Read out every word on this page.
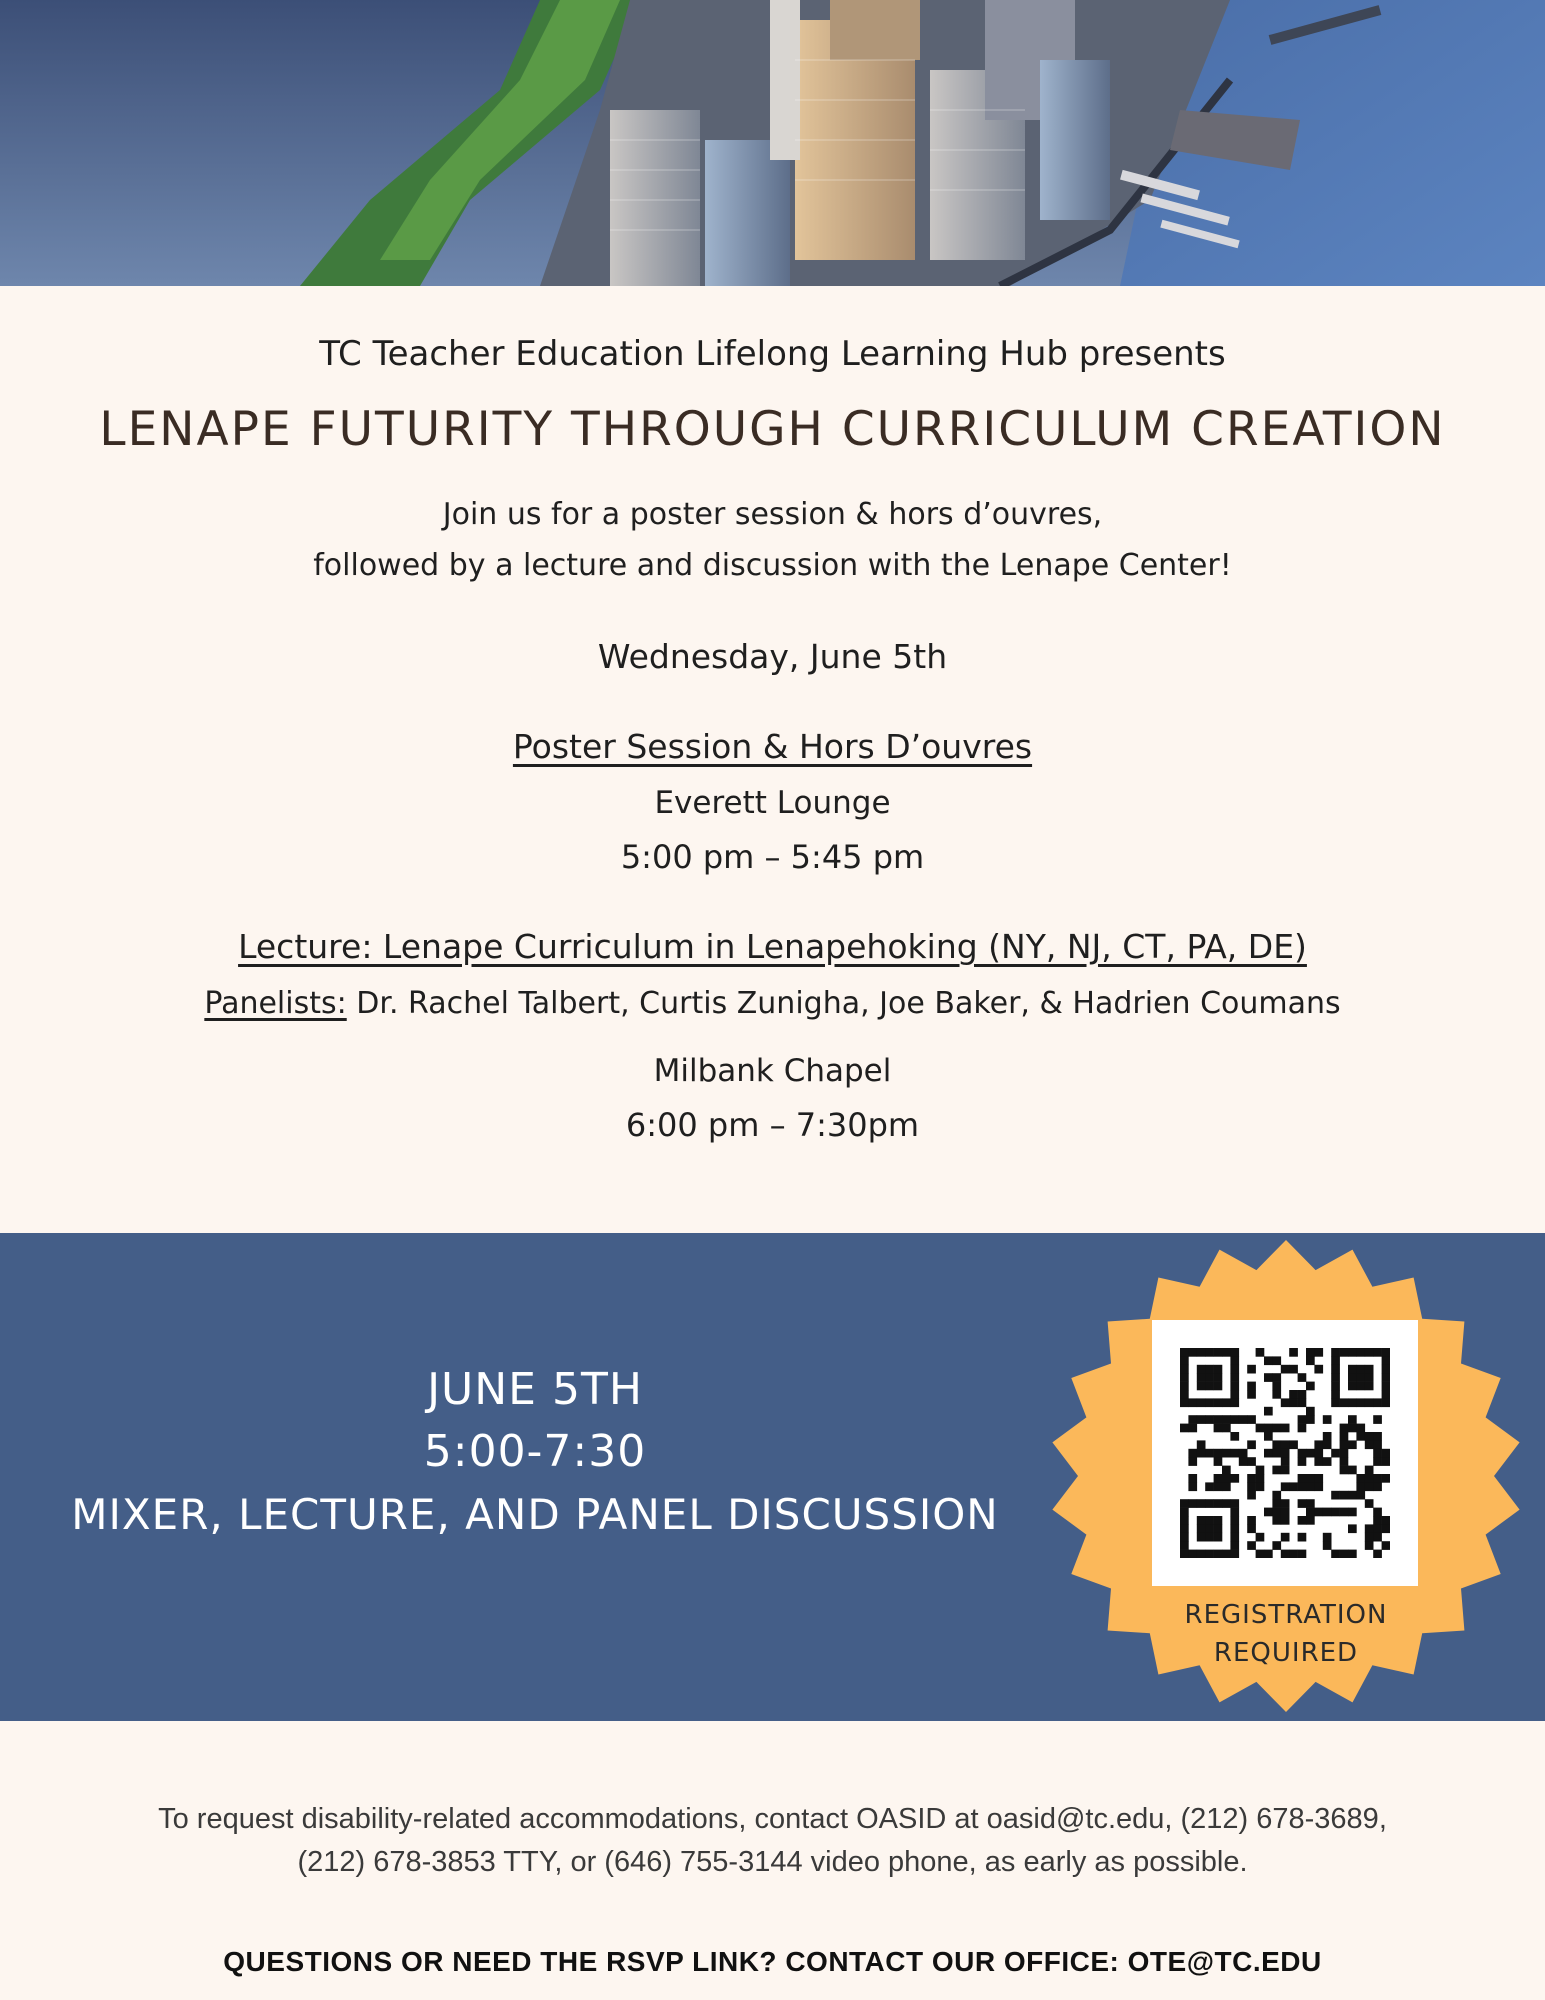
TC Teacher Education Lifelong Learning Hub presents
LENAPE FUTURITY THROUGH CURRICULUM CREATION
Join us for a poster session & hors d’ouvres,
followed by a lecture and discussion with the Lenape Center!
Wednesday, June 5th
Poster Session & Hors D’ouvres
Everett Lounge
5:00 pm – 5:45 pm
Lecture: Lenape Curriculum in Lenapehoking (NY, NJ, CT, PA, DE)
Panelists: Dr. Rachel Talbert, Curtis Zunigha, Joe Baker, & Hadrien Coumans
Milbank Chapel
6:00 pm – 7:30pm
JUNE 5TH
5:00-7:30
MIXER, LECTURE, AND PANEL DISCUSSION
REGISTRATION
REQUIRED
To request disability-related accommodations, contact OASID at oasid@tc.edu, (212) 678-3689,
(212) 678-3853 TTY, or (646) 755-3144 video phone, as early as possible.
QUESTIONS OR NEED THE RSVP LINK? CONTACT OUR OFFICE: OTE@TC.EDU
